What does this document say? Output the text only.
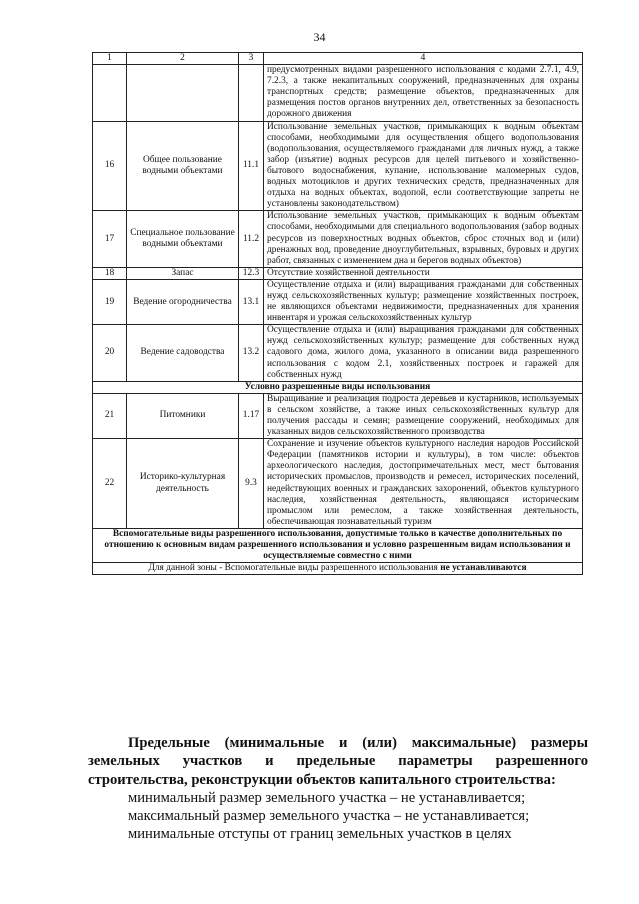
34
1	2	3	4
			предусмотренных видами разрешенного использования с кодами 2.7.1, 4.9, 7.2.3, а также некапитальных сооружений, предназначенных для охраны транспортных средств; размещение объектов, предназначенных для размещения постов органов внутренних дел, ответственных за безопасность дорожного движения
16	Общее пользование водными объектами	11.1	Использование земельных участков, примыкающих к водным объектам способами, необходимыми для осуществления общего водопользования (водопользования, осуществляемого гражданами для личных нужд, а также забор (изъятие) водных ресурсов для целей питьевого и хозяйственно-бытового водоснабжения, купание, использование маломерных судов, водных мотоциклов и других технических средств, предназначенных для отдыха на водных объектах, водопой, если соответствующие запреты не установлены законодательством)
17	Специальное пользование водными объектами	11.2	Использование земельных участков, примыкающих к водным объектам способами, необходимыми для специального водопользования (забор водных ресурсов из поверхностных водных объектов, сброс сточных вод и (или) дренажных вод, проведение дноуглубительных, взрывных, буровых и других работ, связанных с изменением дна и берегов водных объектов)
18	Запас	12.3	Отсутствие хозяйственной деятельности
19	Ведение огородничества	13.1	Осуществление отдыха и (или) выращивания гражданами для собственных нужд сельскохозяйственных культур; размещение хозяйственных построек, не являющихся объектами недвижимости, предназначенных для хранения инвентаря и урожая сельскохозяйственных культур
20	Ведение садоводства	13.2	Осуществление отдыха и (или) выращивания гражданами для собственных нужд сельскохозяйственных культур; размещение для собственных нужд садового дома, жилого дома, указанного в описании вида разрешенного использования с кодом 2.1, хозяйственных построек и гаражей для собственных нужд
Условно разрешенные виды использования			
21	Питомники	1.17	Выращивание и реализация подроста деревьев и кустарников, используемых в сельском хозяйстве, а также иных сельскохозяйственных культур для получения рассады и семян; размещение сооружений, необходимых для указанных видов сельскохозяйственного производства
22	Историко-культурная деятельность	9.3	Сохранение и изучение объектов культурного наследия народов Российской Федерации (памятников истории и культуры), в том числе: объектов археологического наследия, достопримечательных мест, мест бытования исторических промыслов, производств и ремесел, исторических поселений, недействующих военных и гражданских захоронений, объектов культурного наследия, хозяйственная деятельность, являющаяся историческим промыслом или ремеслом, а также хозяйственная деятельность, обеспечивающая познавательный туризм
Вспомогательные виды разрешенного использования, допустимые только в качестве дополнительных по отношению к основным видам разрешенного использования и условно разрешенным видам использования и осуществляемые совместно с ними			
Для данной зоны - Вспомогательные виды разрешенного использования не устанавливаются			

Предельные (минимальные и (или) максимальные) размеры земельных участков и предельные параметры разрешенного строительства, реконструкции объектов капитального строительства:

минимальный размер земельного участка – не устанавливается;

максимальный размер земельного участка – не устанавливается;

минимальные отступы от границ земельных участков в целях
